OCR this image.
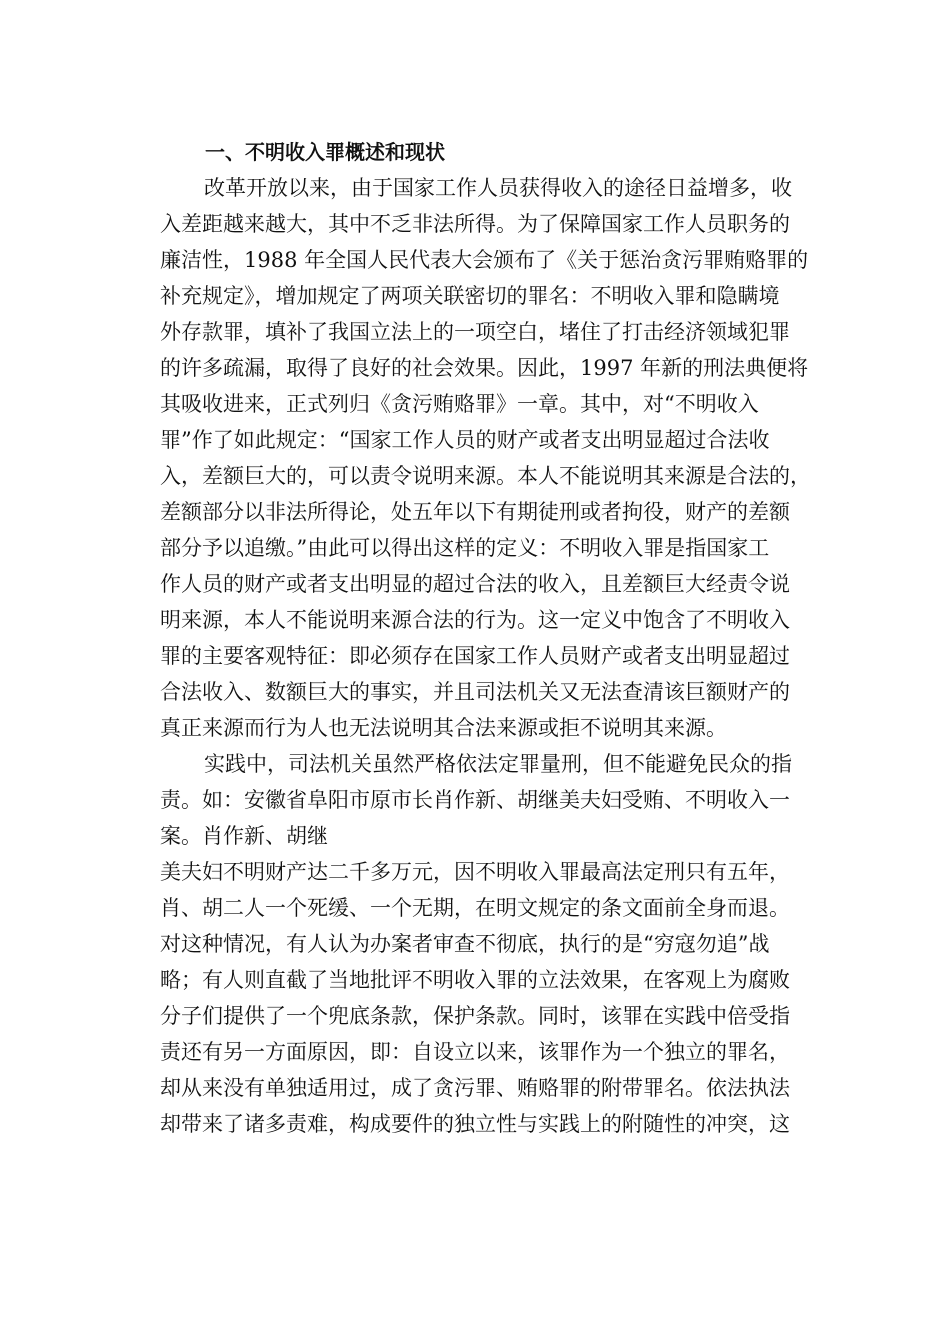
一、不明收入罪概述和现状
改革开放以来，由于国家工作人员获得收入的途径日益增多，收
入差距越来越大，其中不乏非法所得。为了保障国家工作人员职务的
廉洁性，1988 年全国人民代表大会颁布了《关于惩治贪污罪贿赂罪的
补充规定》，增加规定了两项关联密切的罪名：不明收入罪和隐瞒境
外存款罪，填补了我国立法上的一项空白，堵住了打击经济领域犯罪
的许多疏漏，取得了良好的社会效果。因此，1997 年新的刑法典便将
其吸收进来，正式列归《贪污贿赂罪》一章。其中，对“不明收入
罪”作了如此规定：“国家工作人员的财产或者支出明显超过合法收
入，差额巨大的，可以责令说明来源。本人不能说明其来源是合法的，
差额部分以非法所得论，处五年以下有期徒刑或者拘役，财产的差额
部分予以追缴。”由此可以得出这样的定义：不明收入罪是指国家工
作人员的财产或者支出明显的超过合法的收入，且差额巨大经责令说
明来源，本人不能说明来源合法的行为。这一定义中饱含了不明收入
罪的主要客观特征：即必须存在国家工作人员财产或者支出明显超过
合法收入、数额巨大的事实，并且司法机关又无法查清该巨额财产的
真正来源而行为人也无法说明其合法来源或拒不说明其来源。
实践中，司法机关虽然严格依法定罪量刑，但不能避免民众的指
责。如：安徽省阜阳市原市长肖作新、胡继美夫妇受贿、不明收入一
案。肖作新、胡继
美夫妇不明财产达二千多万元，因不明收入罪最高法定刑只有五年，
肖、胡二人一个死缓、一个无期，在明文规定的条文面前全身而退。
对这种情况，有人认为办案者审查不彻底，执行的是“穷寇勿追”战
略；有人则直截了当地批评不明收入罪的立法效果，在客观上为腐败
分子们提供了一个兜底条款，保护条款。同时，该罪在实践中倍受指
责还有另一方面原因，即：自设立以来，该罪作为一个独立的罪名，
却从来没有单独适用过，成了贪污罪、贿赂罪的附带罪名。依法执法
却带来了诸多责难，构成要件的独立性与实践上的附随性的冲突，这
